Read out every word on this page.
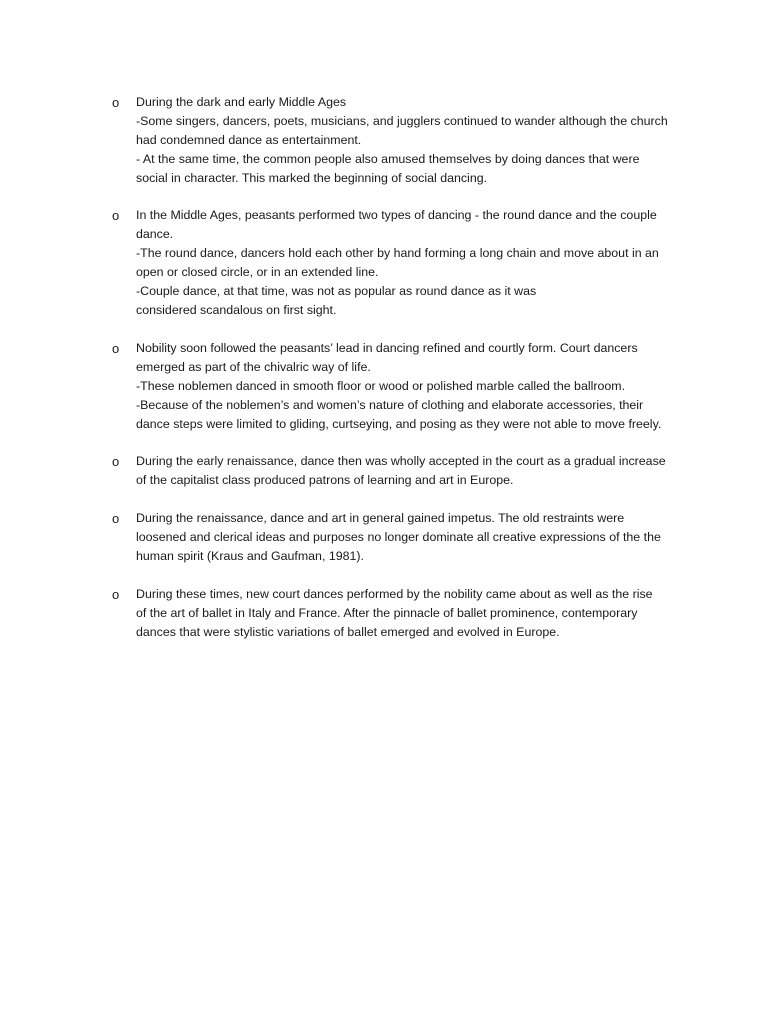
o During the dark and early Middle Ages
-Some singers, dancers, poets, musicians, and jugglers continued to wander although the church
had condemned dance as entertainment.
- At the same time, the common people also amused themselves by doing dances that were
social in character. This marked the beginning of social dancing.
o In the Middle Ages, peasants performed two types of dancing - the round dance and the couple
dance.
-The round dance, dancers hold each other by hand forming a long chain and move about in an
open or closed circle, or in an extended line.
-Couple dance, at that time, was not as popular as round dance as it was
considered scandalous on first sight.
o Nobility soon followed the peasants’ lead in dancing refined and courtly form. Court dancers
emerged as part of the chivalric way of life.
-These noblemen danced in smooth floor or wood or polished marble called the ballroom.
-Because of the noblemen’s and women’s nature of clothing and elaborate accessories, their
dance steps were limited to gliding, curtseying, and posing as they were not able to move freely.
o During the early renaissance, dance then was wholly accepted in the court as a gradual increase
of the capitalist class produced patrons of learning and art in Europe.
o During the renaissance, dance and art in general gained impetus. The old restraints were
loosened and clerical ideas and purposes no longer dominate all creative expressions of the the
human spirit (Kraus and Gaufman, 1981).
o During these times, new court dances performed by the nobility came about as well as the rise
of the art of ballet in Italy and France. After the pinnacle of ballet prominence, contemporary
dances that were stylistic variations of ballet emerged and evolved in Europe.
